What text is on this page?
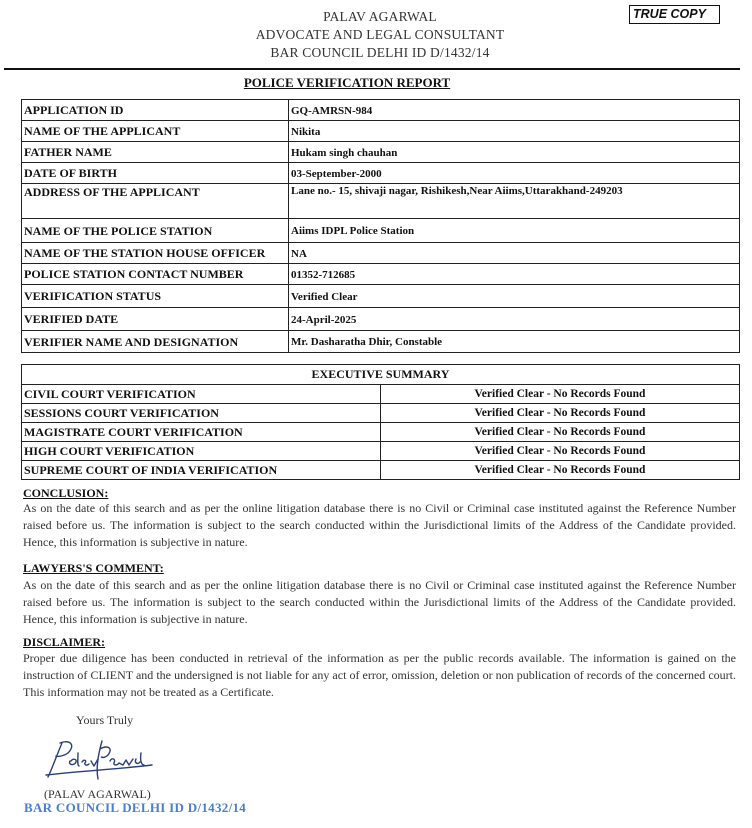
PALAV AGARWAL
ADVOCATE AND LEGAL CONSULTANT
BAR COUNCIL DELHI ID D/1432/14
TRUE COPY
POLICE VERIFICATION REPORT
APPLICATION ID	GQ-AMRSN-984
NAME OF THE APPLICANT	Nikita
FATHER NAME	Hukam singh chauhan
DATE OF BIRTH	03-September-2000
ADDRESS OF THE APPLICANT	Lane no.- 15, shivaji nagar, Rishikesh,Near Aiims,Uttarakhand-249203
NAME OF THE POLICE STATION	Aiims IDPL Police Station
NAME OF THE STATION HOUSE OFFICER	NA
POLICE STATION CONTACT NUMBER	01352-712685
VERIFICATION STATUS	Verified Clear
VERIFIED DATE	24-April-2025
VERIFIER NAME AND DESIGNATION	Mr. Dasharatha Dhir, Constable
EXECUTIVE SUMMARY	
CIVIL COURT VERIFICATION	Verified Clear - No Records Found
SESSIONS COURT VERIFICATION	Verified Clear - No Records Found
MAGISTRATE COURT VERIFICATION	Verified Clear - No Records Found
HIGH COURT VERIFICATION	Verified Clear - No Records Found
SUPREME COURT OF INDIA VERIFICATION	Verified Clear - No Records Found
CONCLUSION:
As on the date of this search and as per the online litigation database there is no Civil or Criminal case instituted against the Reference Number raised before us. The information is subject to the search conducted within the Jurisdictional limits of the Address of the Candidate provided. Hence, this information is subjective in nature.
LAWYERS'S COMMENT:
As on the date of this search and as per the online litigation database there is no Civil or Criminal case instituted against the Reference Number raised before us. The information is subject to the search conducted within the Jurisdictional limits of the Address of the Candidate provided. Hence, this information is subjective in nature.
DISCLAIMER:
Proper due diligence has been conducted in retrieval of the information as per the public records available. The information is gained on the instruction of CLIENT and the undersigned is not liable for any act of error, omission, deletion or non publication of records of the concerned court. This information may not be treated as a Certificate.
Yours Truly
(PALAV AGARWAL)
BAR COUNCIL DELHI ID D/1432/14
